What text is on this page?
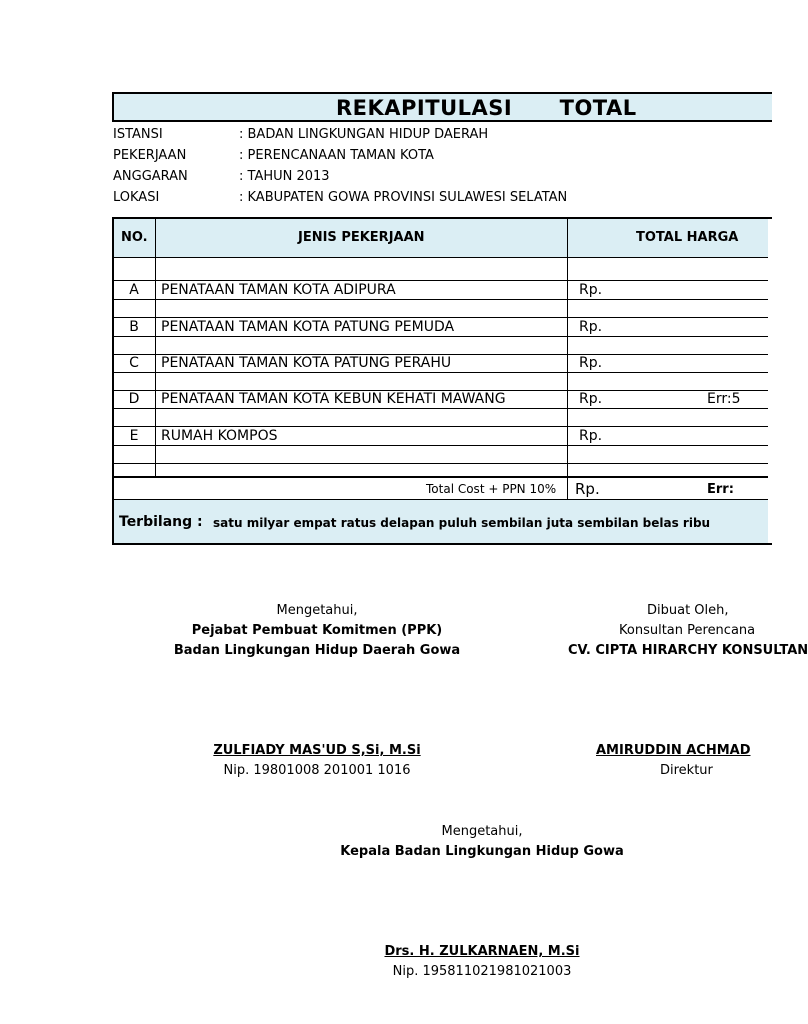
REKAPITULASI   TOTAL
ISTANSI	: BADAN LINGKUNGAN HIDUP DAERAH
PEKERJAAN	: PERENCANAAN TAMAN KOTA
ANGGARAN	: TAHUN 2013
LOKASI	: KABUPATEN GOWA PROVINSI SULAWESI SELATAN
NO.	JENIS PEKERJAAN	TOTAL HARGA
A	PENATAAN TAMAN KOTA ADIPURA	Rp.
B	PENATAAN TAMAN KOTA PATUNG PEMUDA	Rp.
C	PENATAAN TAMAN KOTA PATUNG PERAHU	Rp.
D	PENATAAN TAMAN KOTA KEBUN KEHATI MAWANG	Rp.	Err:5
E	RUMAH KOMPOS	Rp.
Total Cost + PPN 10% Rp.	Err:
Terbilang : satu milyar empat ratus delapan puluh sembilan juta sembilan belas ribu
Mengetahui,
Pejabat Pembuat Komitmen (PPK)
Badan Lingkungan Hidup Daerah Gowa
ZULFIADY MAS'UD S,Si, M.Si
Nip. 19801008 201001 1016
Dibuat Oleh,
Konsultan Perencana
CV. CIPTA HIRARCHY KONSULTAN
AMIRUDDIN ACHMAD
Direktur
Mengetahui,
Kepala Badan Lingkungan Hidup Gowa
Drs. H. ZULKARNAEN, M.Si
Nip. 195811021981021003
